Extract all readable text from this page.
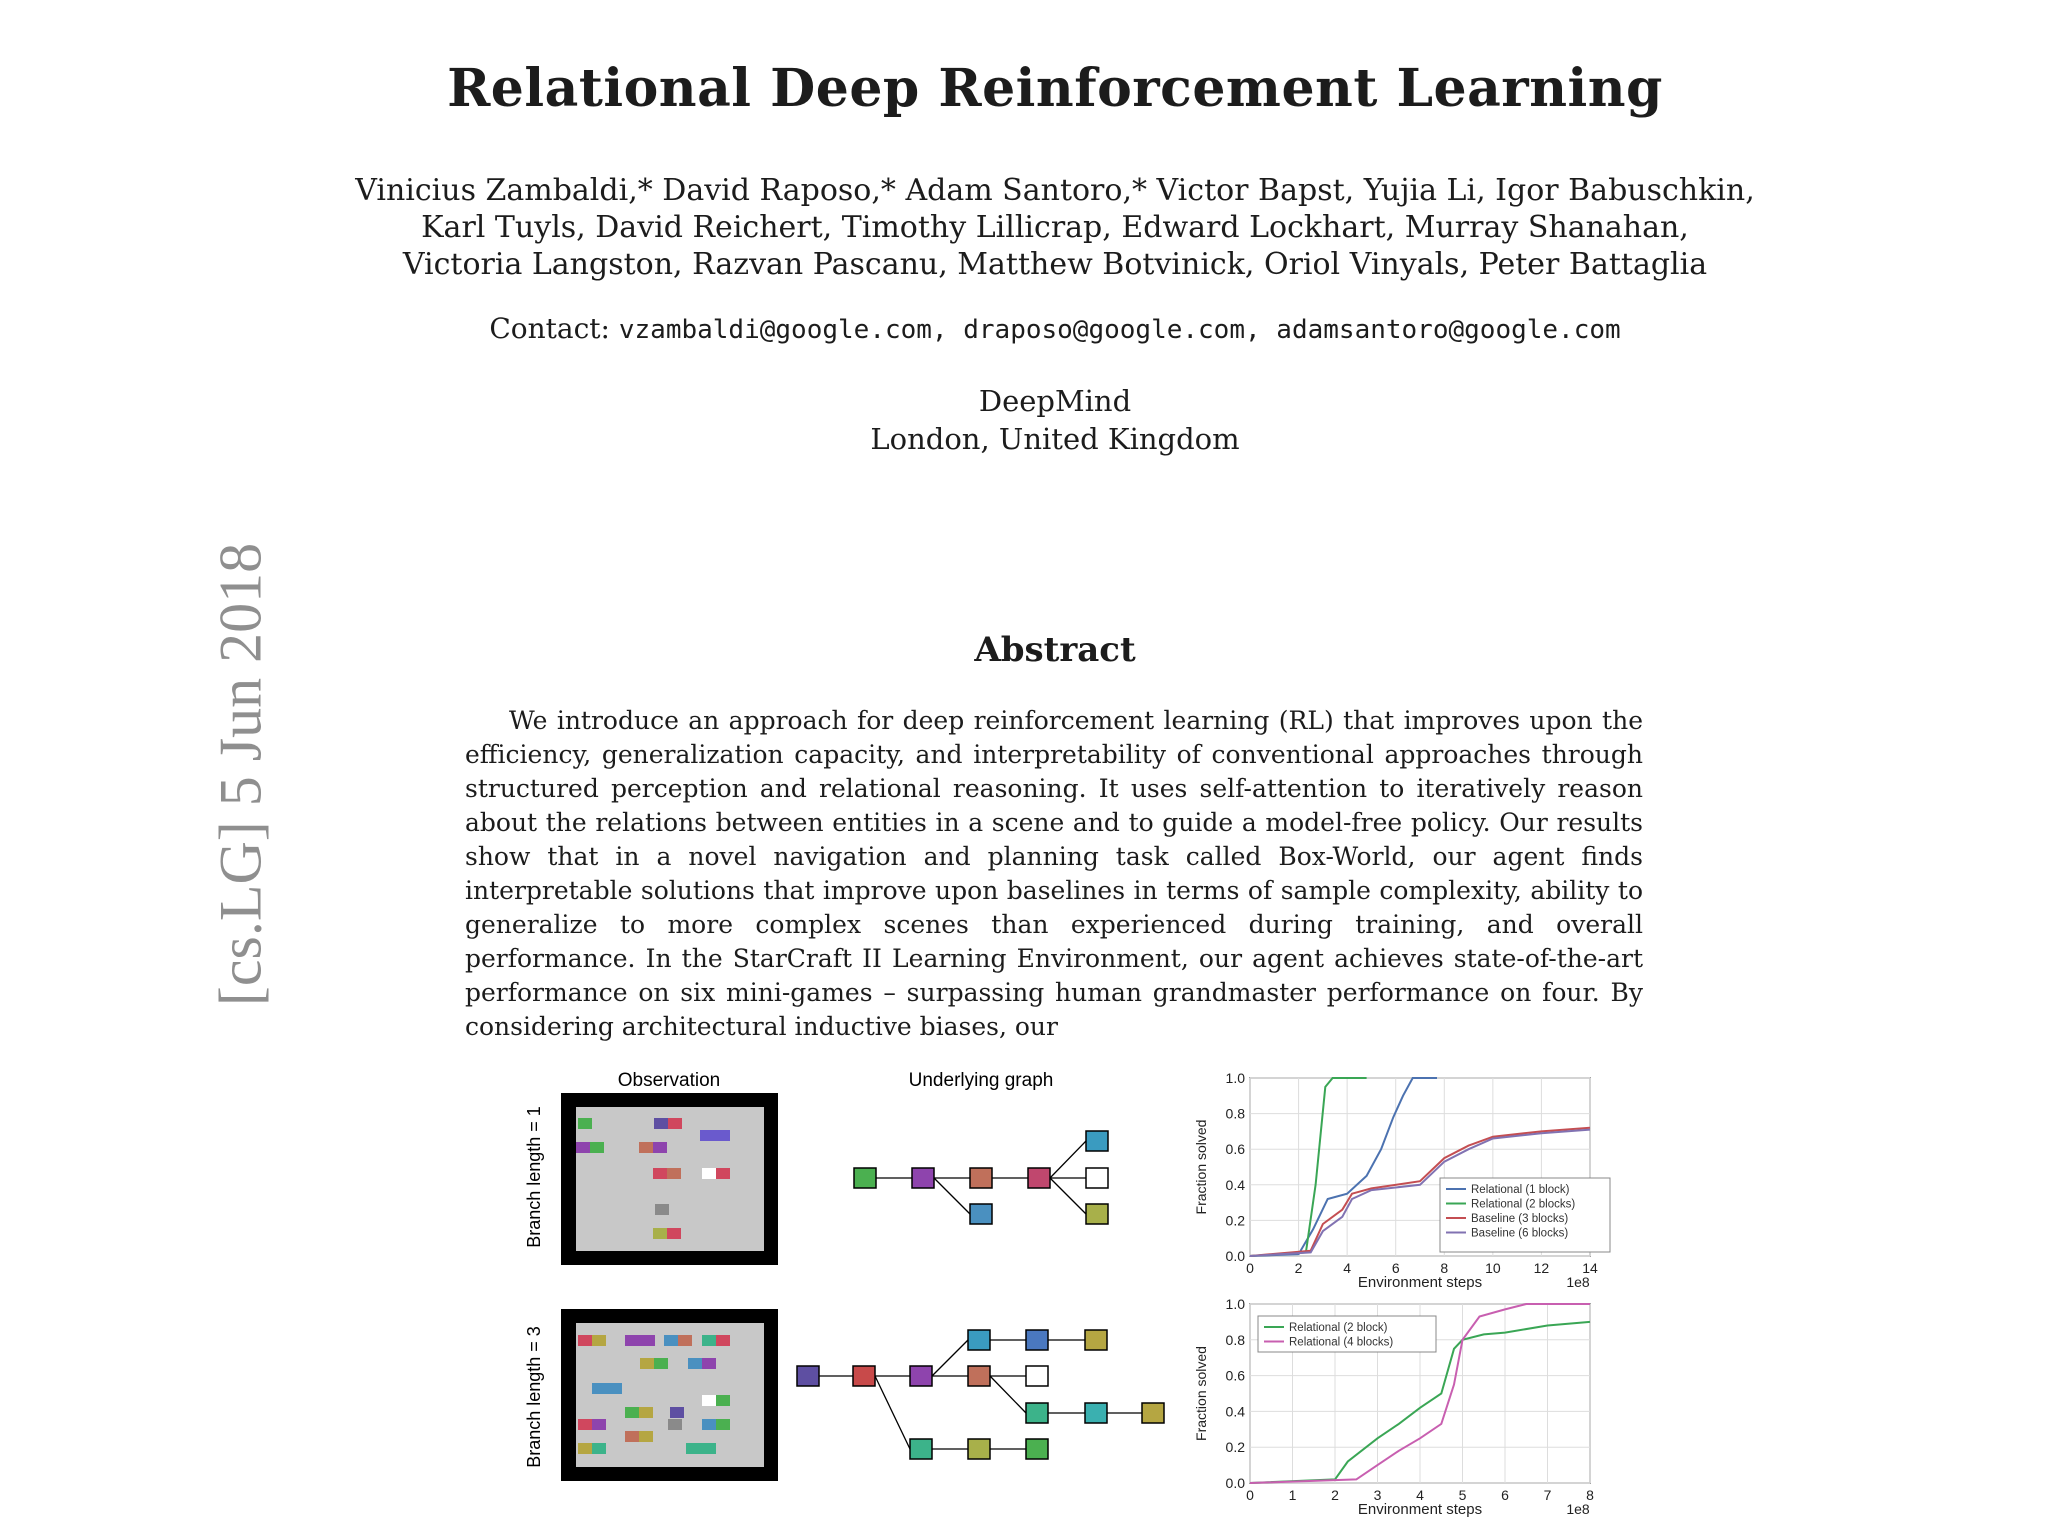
Relational Deep Reinforcement Learning
Vinicius Zambaldi,* David Raposo,* Adam Santoro,* Victor Bapst, Yujia Li, Igor Babuschkin,
Karl Tuyls, David Reichert, Timothy Lillicrap, Edward Lockhart, Murray Shanahan,
Victoria Langston, Razvan Pascanu, Matthew Botvinick, Oriol Vinyals, Peter Battaglia
Contact: vzambaldi@google.com, draposo@google.com, adamsantoro@google.com
DeepMind
London, United Kingdom
[cs.LG] 5 Jun 2018	Abstract
We introduce an approach for deep reinforcement learning (RL) that improves upon the efficiency, generalization capacity, and interpretability of conventional approaches through structured perception and relational reasoning. It uses self-attention to iteratively reason about the relations between entities in a scene and to guide a model-free policy. Our results show that in a novel navigation and planning task called Box-World, our agent finds interpretable solutions that improve upon baselines in terms of sample complexity, ability to generalize to more complex scenes than experienced during training, and overall performance. In the StarCraft II Learning Environment, our agent achieves state-of-the-art performance on six mini-games – surpassing human grandmaster performance on four. By considering architectural inductive biases, our
Observation	Underlying graph
Branch length = 1
Branch length = 3
0	2	4	6	8	10 12 14
0.0
0.2
0.4
0.6
0.8
1.0
Environment steps	1e8
Fraction solved	Relational (1 block)
Relational (2 blocks)
Baseline (3 blocks)
Baseline (6 blocks)
0 1 2 3 4 5 6 7 8
0.0
0.2
0.4
0.6
0.8
1.0
Environment steps	1e8
Fraction solved
Relational (2 block)
Relational (4 blocks)
